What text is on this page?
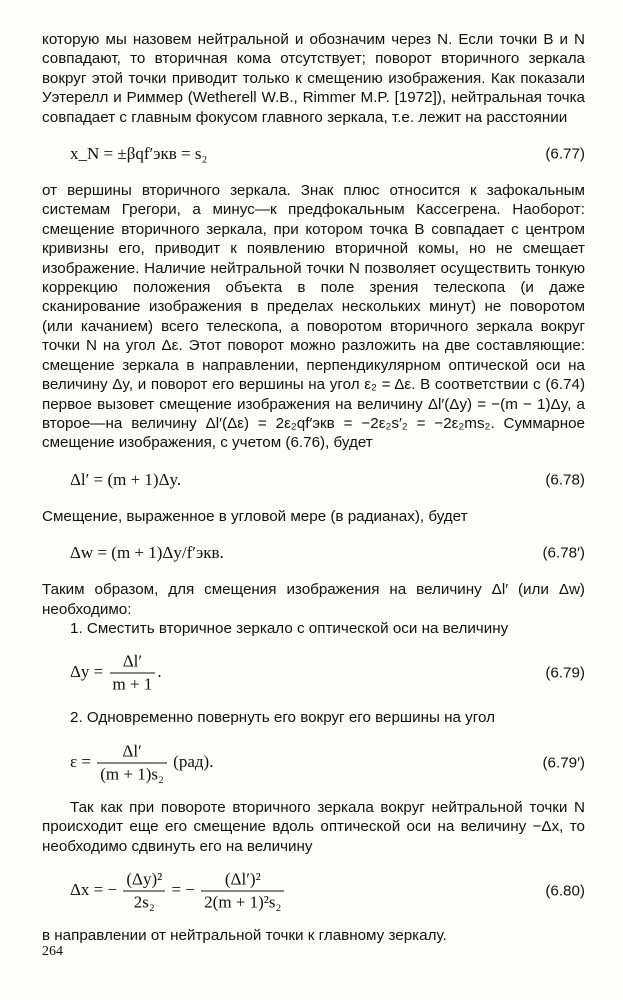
которую мы назовем нейтральной и обозначим через N. Если точки B и N совпадают, то вторичная кома отсутствует; поворот вторичного зеркала вокруг этой точки приводит только к смещению изображения. Как показали Уэтерелл и Риммер (Wetherell W.B., Rimmer M.P. [1972]), нейтральная точка совпадает с главным фокусом главного зеркала, т.е. лежит на расстоянии

x_N = ±βqf′экв = s₂	(6.77)

от вершины вторичного зеркала. Знак плюс относится к зафокальным системам Грегори, а минус—к предфокальным Кассегрена. Наоборот: смещение вторичного зеркала, при котором точка B совпадает с центром кривизны его, приводит к появлению вторичной комы, но не смещает изображение. Наличие нейтральной точки N позволяет осуществить тонкую коррекцию положения объекта в поле зрения телескопа (и даже сканирование изображения в пределах нескольких минут) не поворотом (или качанием) всего телескопа, а поворотом вторичного зеркала вокруг точки N на угол Δε. Этот поворот можно разложить на две составляющие: смещение зеркала в направлении, перпендикулярном оптической оси на величину Δy, и поворот его вершины на угол ε₂ = Δε. В соответствии с (6.74) первое вызовет смещение изображения на величину Δl′(Δy) = −(m − 1)Δy, а второе—на величину Δl′(Δε) = 2ε₂qf′экв = −2ε₂s′₂ = −2ε₂ms₂. Суммарное смещение изображения, с учетом (6.76), будет

Δl′ = (m + 1)Δy.	(6.78)

Смещение, выраженное в угловой мере (в радианах), будет

Δw = (m + 1)Δy/f′экв.	(6.78′)

Таким образом, для смещения изображения на величину Δl′ (или Δw) необходимо:

1. Сместить вторичное зеркало с оптической оси на величину

$\Delta y = \frac{\Delta l'}{m + 1}$ .	(6.79)

2. Одновременно повернуть его вокруг его вершины на угол

$\varepsilon = \frac{\Delta l'}{\text{(m + 1)s₂}} (рад)$.	(6.79′)

Так как при повороте вторичного зеркала вокруг нейтральной точки N происходит еще его смещение вдоль оптической оси на величину −Δx, то необходимо сдвинуть его на величину

Δx = − $\frac{\text{(Δy)²}}{\text{2s₂}}$ = − $\frac{\text{(Δl′)²}}{\text{2(m + 1)²s₂}}$	(6.80)

в направлении от нейтральной точки к главному зеркалу.

264
